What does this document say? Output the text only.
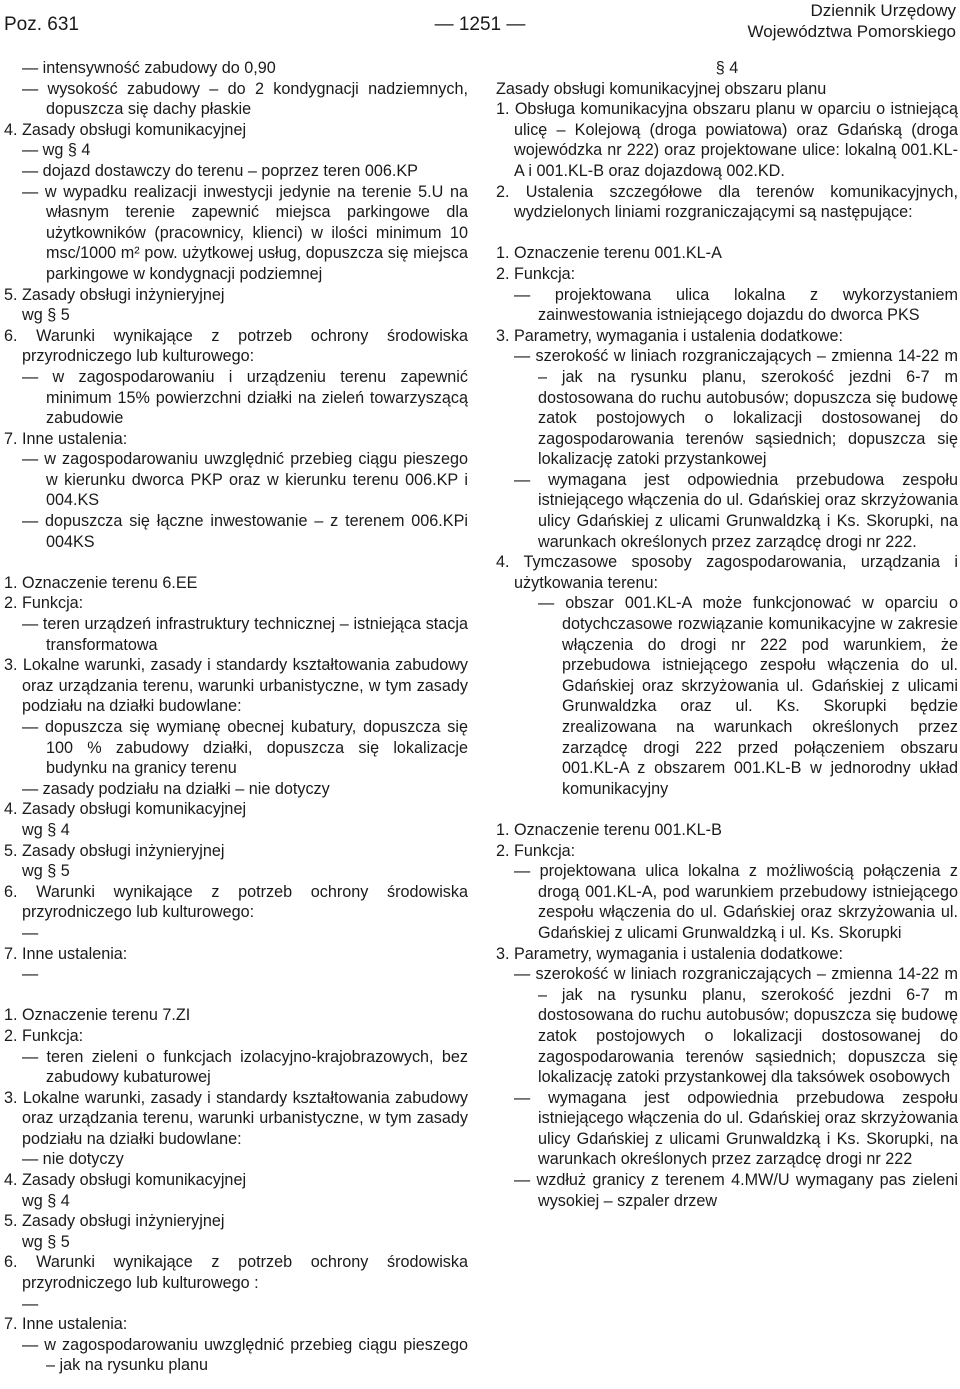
Poz. 631	— 1251 —
Dziennik Urzędowy
Województwa Pomorskiego

— intensywność zabudowy do 0,90

— wysokość zabudowy – do 2 kondygnacji nadziemnych, dopuszcza się dachy płaskie

4. Zasady obsługi komunikacyjnej

— wg § 4

— dojazd dostawczy do terenu – poprzez teren 006.KP

— w wypadku realizacji inwestycji jedynie na terenie 5.U na własnym terenie zapewnić miejsca parkingowe dla użytkowników (pracownicy, klienci) w ilości minimum 10 msc/1000 m² pow. użytkowej usług, dopuszcza się miejsca parkingowe w kondygnacji podziemnej

5. Zasady obsługi inżynieryjnej

wg § 5

6. Warunki wynikające z potrzeb ochrony środowiska przyrodniczego lub kulturowego:

— w zagospodarowaniu i urządzeniu terenu zapewnić minimum 15% powierzchni działki na zieleń towarzyszącą zabudowie

7. Inne ustalenia:

— w zagospodarowaniu uwzględnić przebieg ciągu pieszego w kierunku dworca PKP oraz w kierunku terenu 006.KP i 004.KS

— dopuszcza się łączne inwestowanie – z terenem 006.KPi 004KS

1. Oznaczenie terenu 6.EE

2. Funkcja:

— teren urządzeń infrastruktury technicznej – istniejąca stacja transformatowa

3. Lokalne warunki, zasady i standardy kształtowania zabudowy oraz urządzania terenu, warunki urbanistyczne, w tym zasady podziału na działki budowlane:

— dopuszcza się wymianę obecnej kubatury, dopuszcza się 100 % zabudowy działki, dopuszcza się lokalizacje budynku na granicy terenu

— zasady podziału na działki – nie dotyczy

4. Zasady obsługi komunikacyjnej

wg § 4

5. Zasady obsługi inżynieryjnej

wg § 5

6. Warunki wynikające z potrzeb ochrony środowiska przyrodniczego lub kulturowego:

—

7. Inne ustalenia:

—

1. Oznaczenie terenu 7.ZI

2. Funkcja:

— teren zieleni o funkcjach izolacyjno-krajobrazowych, bez zabudowy kubaturowej

3. Lokalne warunki, zasady i standardy kształtowania zabudowy oraz urządzania terenu, warunki urbanistyczne, w tym zasady podziału na działki budowlane:

— nie dotyczy

4. Zasady obsługi komunikacyjnej

wg § 4

5. Zasady obsługi inżynieryjnej

wg § 5

6. Warunki wynikające z potrzeb ochrony środowiska przyrodniczego lub kulturowego :

—

7. Inne ustalenia:

— w zagospodarowaniu uwzględnić przebieg ciągu pieszego – jak na rysunku planu

§ 4

Zasady obsługi komunikacyjnej obszaru planu

1. Obsługa komunikacyjna obszaru planu w oparciu o istniejącą ulicę – Kolejową (droga powiatowa) oraz Gdańską (droga wojewódzka nr 222) oraz projektowane ulice: lokalną 001.KL-A i 001.KL-B oraz dojazdową 002.KD.

2. Ustalenia szczegółowe dla terenów komunikacyjnych, wydzielonych liniami rozgraniczającymi są następujące:

1. Oznaczenie terenu 001.KL-A

2. Funkcja:

— projektowana ulica lokalna z wykorzystaniem zainwestowania istniejącego dojazdu do dworca PKS

3. Parametry, wymagania i ustalenia dodatkowe:

— szerokość w liniach rozgraniczających – zmienna 14-22 m – jak na rysunku planu, szerokość jezdni 6-7 m dostosowana do ruchu autobusów; dopuszcza się budowę zatok postojowych o lokalizacji dostosowanej do zagospodarowania terenów sąsiednich; dopuszcza się lokalizację zatoki przystankowej

— wymagana jest odpowiednia przebudowa zespołu istniejącego włączenia do ul. Gdańskiej oraz skrzyżowania ulicy Gdańskiej z ulicami Grunwaldzką i Ks. Skorupki, na warunkach określonych przez zarządcę drogi nr 222.

4. Tymczasowe sposoby zagospodarowania, urządzania i użytkowania terenu:

— obszar 001.KL-A może funkcjonować w oparciu o dotychczasowe rozwiązanie komunikacyjne w zakresie włączenia do drogi nr 222 pod warunkiem, że przebudowa istniejącego zespołu włączenia do ul. Gdańskiej oraz skrzyżowania ul. Gdańskiej z ulicami Grunwaldzka oraz ul. Ks. Skorupki będzie zrealizowana na warunkach określonych przez zarządcę drogi 222 przed połączeniem obszaru 001.KL-A z obszarem 001.KL-B w jednorodny układ komunikacyjny

1. Oznaczenie terenu 001.KL-B

2. Funkcja:

— projektowana ulica lokalna z możliwością połączenia z drogą 001.KL-A, pod warunkiem przebudowy istniejącego zespołu włączenia do ul. Gdańskiej oraz skrzyżowania ul. Gdańskiej z ulicami Grunwaldzką i ul. Ks. Skorupki

3. Parametry, wymagania i ustalenia dodatkowe:

— szerokość w liniach rozgraniczających – zmienna 14-22 m – jak na rysunku planu, szerokość jezdni 6-7 m dostosowana do ruchu autobusów; dopuszcza się budowę zatok postojowych o lokalizacji dostosowanej do zagospodarowania terenów sąsiednich; dopuszcza się lokalizację zatoki przystankowej dla taksówek osobowych

— wymagana jest odpowiednia przebudowa zespołu istniejącego włączenia do ul. Gdańskiej oraz skrzyżowania ulicy Gdańskiej z ulicami Grunwaldzką i Ks. Skorupki, na warunkach określonych przez zarządcę drogi nr 222

— wzdłuż granicy z terenem 4.MW/U wymagany pas zieleni wysokiej – szpaler drzew
